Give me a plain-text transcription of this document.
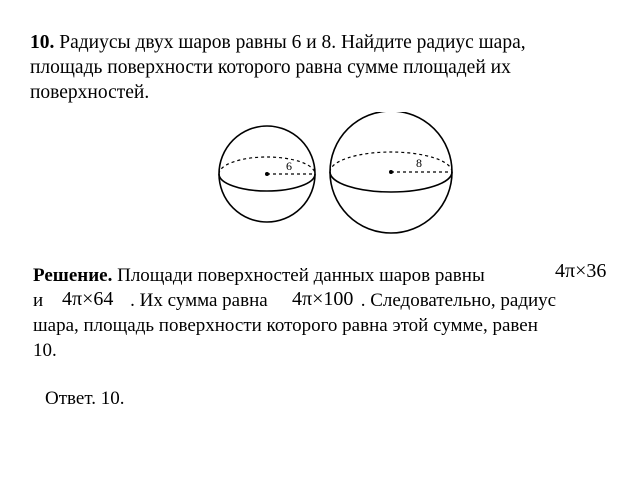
10. Радиусы двух шаров равны 6 и 8. Найдите радиус шара,
площадь поверхности которого равна сумме площадей их
поверхностей.
6	8
Решение. Площади поверхностей данных шаров равны	4π×36
и	. Их сумма равна	. Следовательно, радиус
4π×64	4π×100
шара, площадь поверхности которого равна этой сумме, равен
10.
Ответ. 10.
